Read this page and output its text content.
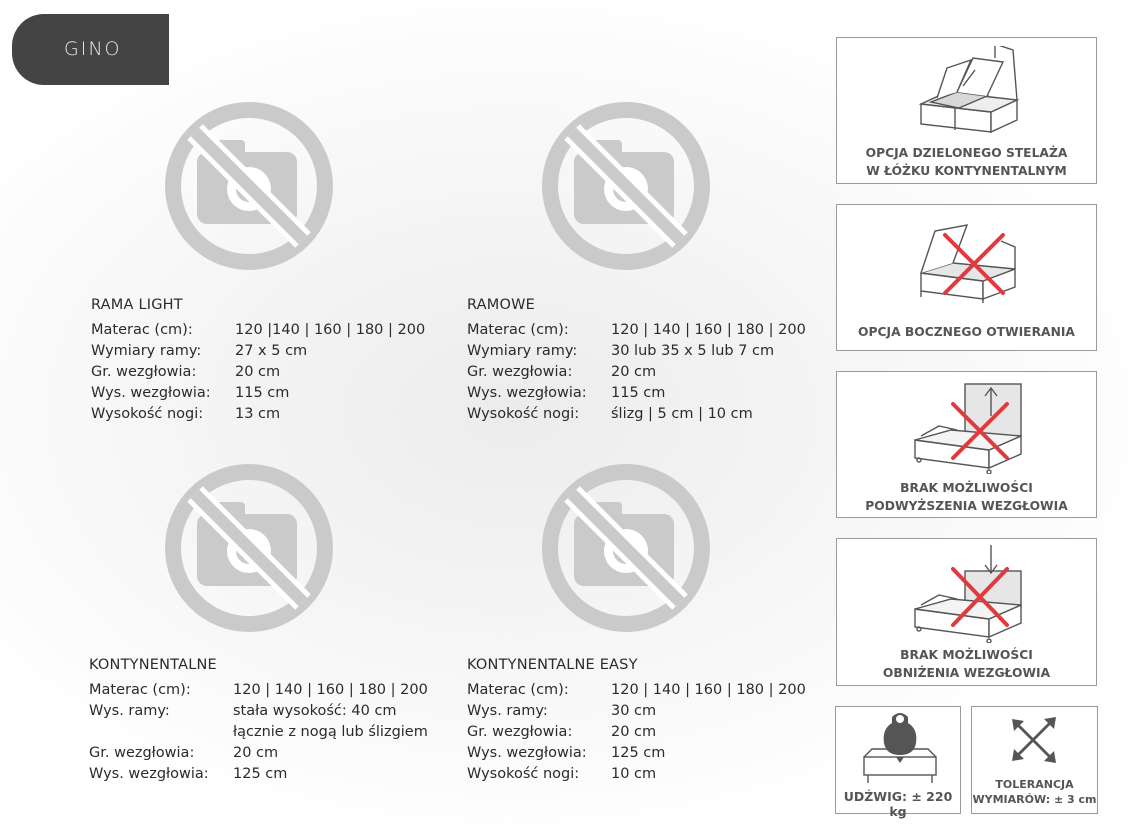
GINO
RAMA LIGHT
Materac (cm):	120 |140 | 160 | 180 | 200
Wymiary ramy:	27 x 5 cm
Gr. wezgłowia:	20 cm
Wys. wezgłowia:	115 cm
Wysokość nogi:	13 cm
RAMOWE
Materac (cm):	120 | 140 | 160 | 180 | 200
Wymiary ramy:	30 lub 35 x 5 lub 7 cm
Gr. wezgłowia:	20 cm
Wys. wezgłowia:	115 cm
Wysokość nogi:	ślizg | 5 cm | 10 cm
KONTYNENTALNE
Materac (cm):	120 | 140 | 160 | 180 | 200
Wys. ramy:	stała wysokość: 40 cm
łącznie z nogą lub ślizgiem
Gr. wezgłowia:	20 cm
Wys. wezgłowia:	125 cm
KONTYNENTALNE EASY
Materac (cm):	120 | 140 | 160 | 180 | 200
Wys. ramy:	30 cm
Gr. wezgłowia:	20 cm
Wys. wezgłowia:	125 cm
Wysokość nogi:	10 cm
OPCJA DZIELONEGO STELAŻA
W ŁÓŻKU KONTYNENTALNYM
OPCJA BOCZNEGO OTWIERANIA
BRAK MOŻLIWOŚCI
PODWYŻSZENIA WEZGŁOWIA
BRAK MOŻLIWOŚCI
OBNIŻENIA WEZGŁOWIA
UDŹWIG: ± 220 kg
TOLERANCJA
WYMIARÓW: ± 3 cm
